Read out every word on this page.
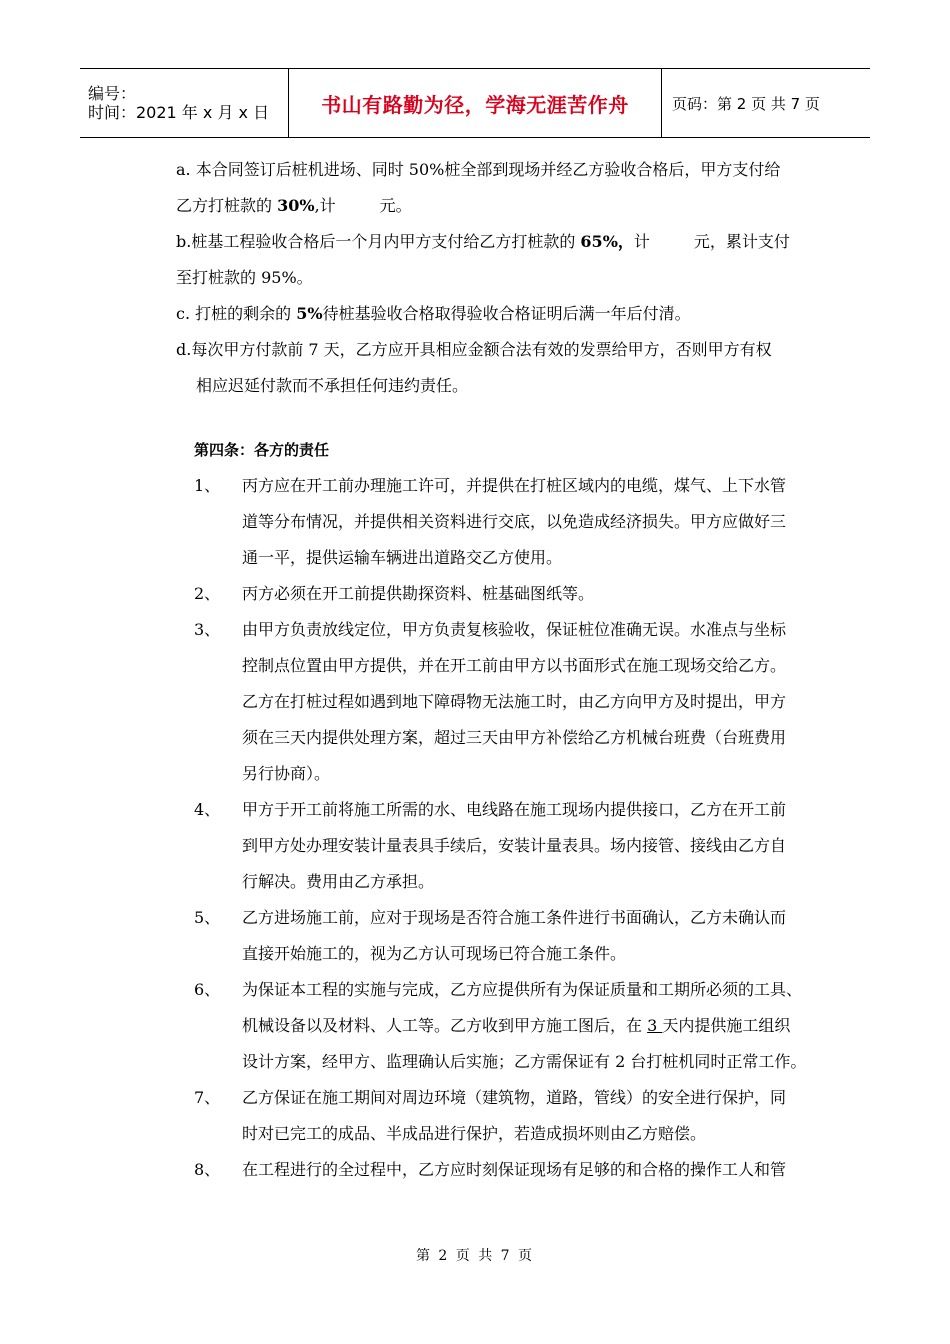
编号：
时间：2021 年 x 月 x 日	书山有路勤为径，学海无涯苦作舟	页码：第 2 页 共 7 页
a. 本合同签订后桩机进场、同时 50%桩全部到现场并经乙方验收合格后，甲方支付给
乙方打桩款的 30%,计	元。
b.桩基工程验收合格后一个月内甲方支付给乙方打桩款的 65%，计	元，累计支付
至打桩款的 95%。
c. 打桩的剩余的 5%待桩基验收合格取得验收合格证明后满一年后付清。
d.每次甲方付款前 7 天，乙方应开具相应金额合法有效的发票给甲方，否则甲方有权
相应迟延付款而不承担任何违约责任。
第四条：各方的责任
1、	丙方应在开工前办理施工许可，并提供在打桩区域内的电缆，煤气、上下水管
道等分布情况，并提供相关资料进行交底，以免造成经济损失。甲方应做好三
通一平，提供运输车辆进出道路交乙方使用。
2、	丙方必须在开工前提供勘探资料、桩基础图纸等。
3、	由甲方负责放线定位，甲方负责复核验收，保证桩位准确无误。水准点与坐标
控制点位置由甲方提供，并在开工前由甲方以书面形式在施工现场交给乙方。
乙方在打桩过程如遇到地下障碍物无法施工时，由乙方向甲方及时提出，甲方
须在三天内提供处理方案，超过三天由甲方补偿给乙方机械台班费（台班费用
另行协商）。
4、	甲方于开工前将施工所需的水、电线路在施工现场内提供接口，乙方在开工前
到甲方处办理安装计量表具手续后，安装计量表具。场内接管、接线由乙方自
行解决。费用由乙方承担。
5、	乙方进场施工前，应对于现场是否符合施工条件进行书面确认，乙方未确认而
直接开始施工的，视为乙方认可现场已符合施工条件。
6、	为保证本工程的实施与完成，乙方应提供所有为保证质量和工期所必须的工具、
机械设备以及材料、人工等。乙方收到甲方施工图后，在 3 天内提供施工组织
设计方案，经甲方、监理确认后实施；乙方需保证有 2 台打桩机同时正常工作。
7、	乙方保证在施工期间对周边环境（建筑物，道路，管线）的安全进行保护，同
时对已完工的成品、半成品进行保护，若造成损坏则由乙方赔偿。
8、	在工程进行的全过程中，乙方应时刻保证现场有足够的和合格的操作工人和管
第 2 页 共 7 页
